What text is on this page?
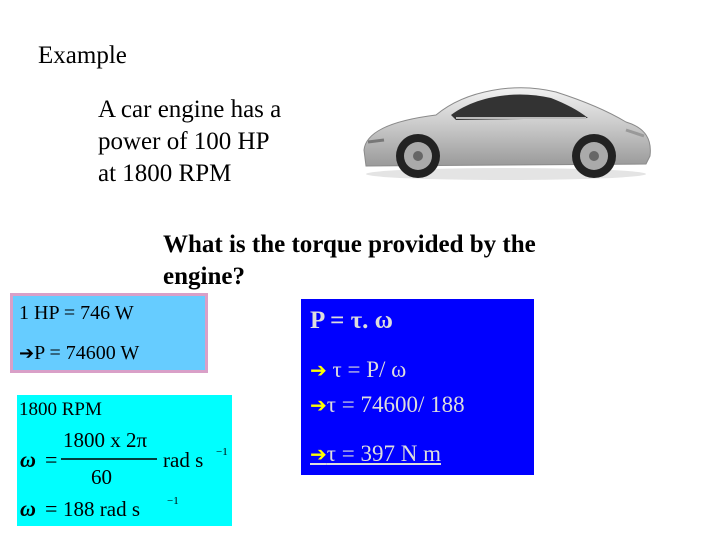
Example
A car engine has a
power of 100 HP
at 1800 RPM
What is the torque provided by the
engine?
1 HP = 746 W
➔P = 74600 W
1800 RPM
ω =
1800 x 2π
60
rad s −1
ω = 188 rad s −1
P = τ. ω
➔ τ = P/ ω
➔τ = 74600/ 188
➔τ = 397 N m
